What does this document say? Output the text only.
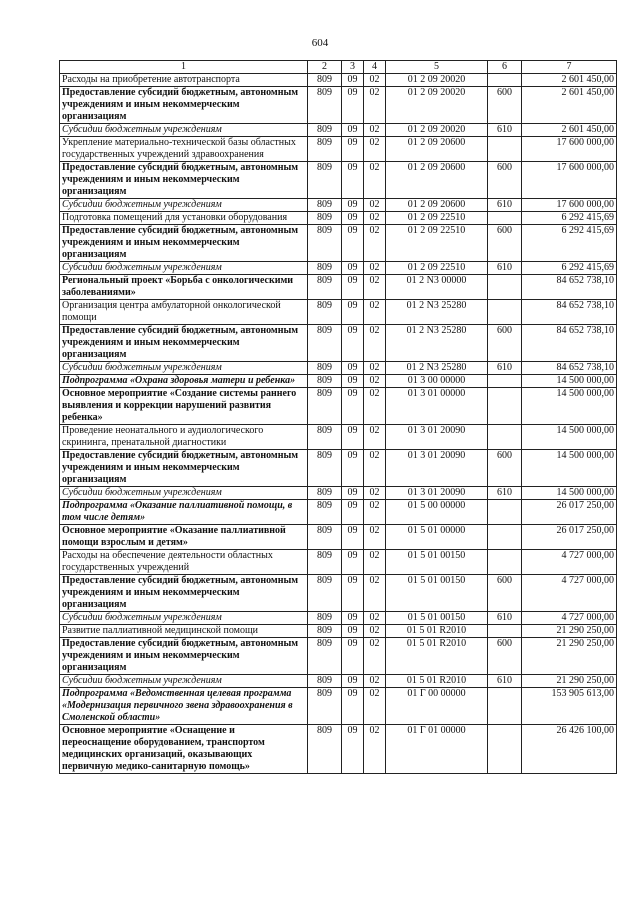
604
1	2	3	4	5	6	7
Расходы на приобретение автотранспорта	809	09	02	01 2 09 20020		2 601 450,00
Предоставление субсидий бюджетным, автономным учреждениям и иным некоммерческим организациям	809	09	02	01 2 09 20020	600	2 601 450,00
Субсидии бюджетным учреждениям	809	09	02	01 2 09 20020	610	2 601 450,00
Укрепление материально-технической базы областных государственных учреждений здравоохранения	809	09	02	01 2 09 20600		17 600 000,00
Предоставление субсидий бюджетным, автономным учреждениям и иным некоммерческим организациям	809	09	02	01 2 09 20600	600	17 600 000,00
Субсидии бюджетным учреждениям	809	09	02	01 2 09 20600	610	17 600 000,00
Подготовка помещений для установки оборудования	809	09	02	01 2 09 22510		6 292 415,69
Предоставление субсидий бюджетным, автономным учреждениям и иным некоммерческим организациям	809	09	02	01 2 09 22510	600	6 292 415,69
Субсидии бюджетным учреждениям	809	09	02	01 2 09 22510	610	6 292 415,69
Региональный проект «Борьба с онкологическими заболеваниями»	809	09	02	01 2 N3 00000		84 652 738,10
Организация центра амбулаторной онкологической помощи	809	09	02	01 2 N3 25280		84 652 738,10
Предоставление субсидий бюджетным, автономным учреждениям и иным некоммерческим организациям	809	09	02	01 2 N3 25280	600	84 652 738,10
Субсидии бюджетным учреждениям	809	09	02	01 2 N3 25280	610	84 652 738,10
Подпрограмма «Охрана здоровья матери и ребенка»	809	09	02	01 3 00 00000		14 500 000,00
Основное мероприятие «Создание системы раннего выявления и коррекции нарушений развития ребенка»	809	09	02	01 3 01 00000		14 500 000,00
Проведение неонатального и аудиологического скрининга, пренатальной диагностики	809	09	02	01 3 01 20090		14 500 000,00
Предоставление субсидий бюджетным, автономным учреждениям и иным некоммерческим организациям	809	09	02	01 3 01 20090	600	14 500 000,00
Субсидии бюджетным учреждениям	809	09	02	01 3 01 20090	610	14 500 000,00
Подпрограмма «Оказание паллиативной помощи, в том числе детям»	809	09	02	01 5 00 00000		26 017 250,00
Основное мероприятие «Оказание паллиативной помощи взрослым и детям»	809	09	02	01 5 01 00000		26 017 250,00
Расходы на обеспечение деятельности областных государственных учреждений	809	09	02	01 5 01 00150		4 727 000,00
Предоставление субсидий бюджетным, автономным учреждениям и иным некоммерческим организациям	809	09	02	01 5 01 00150	600	4 727 000,00
Субсидии бюджетным учреждениям	809	09	02	01 5 01 00150	610	4 727 000,00
Развитие паллиативной медицинской помощи	809	09	02	01 5 01 R2010		21 290 250,00
Предоставление субсидий бюджетным, автономным учреждениям и иным некоммерческим организациям	809	09	02	01 5 01 R2010	600	21 290 250,00
Субсидии бюджетным учреждениям	809	09	02	01 5 01 R2010	610	21 290 250,00
Подпрограмма «Ведомственная целевая программа «Модернизация первичного звена здравоохранения в Смоленской области»	809	09	02	01 Г 00 00000		153 905 613,00
Основное мероприятие «Оснащение и переоснащение оборудованием, транспортом медицинских организаций, оказывающих первичную медико-санитарную помощь»	809	09	02	01 Г 01 00000		26 426 100,00
